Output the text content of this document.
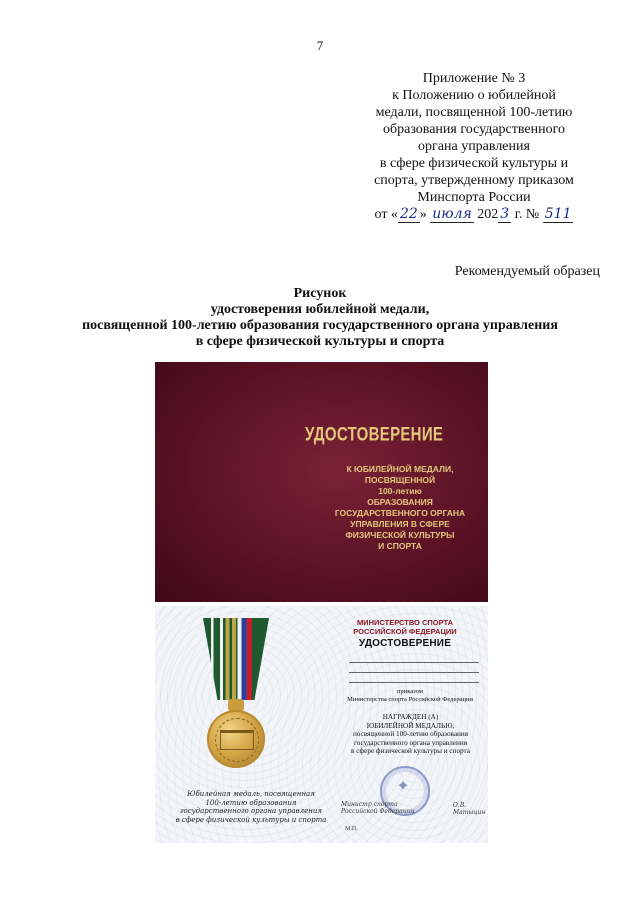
7
Приложение № 3
к Положению о юбилейной
медали, посвященной 100-летию
образования государственного
органа управления
в сфере физической культуры и
спорта, утвержденному приказом
Минспорта России
от « 22 » июля 202 3 г. № 511
Рекомендуемый образец
Рисунок
удостоверения юбилейной медали,
посвященной 100-летию образования государственного органа управления
в сфере физической культуры и спорта
УДОСТОВЕРЕНИЕ
К ЮБИЛЕЙНОЙ МЕДАЛИ,
ПОСВЯЩЕННОЙ
100-летию
ОБРАЗОВАНИЯ
ГОСУДАРСТВЕННОГО ОРГАНА
УПРАВЛЕНИЯ В СФЕРЕ
ФИЗИЧЕСКОЙ КУЛЬТУРЫ
И СПОРТА
Юбилейная медаль, посвященная
100-летию образования
государственного органа управления
в сфере физической культуры и спорта
МИНИСТЕРСТВО СПОРТА
РОССИЙСКОЙ ФЕДЕРАЦИИ
УДОСТОВЕРЕНИЕ
приказом
Министерства спорта Российской Федерации
НАГРАЖДЕН (А)
ЮБИЛЕЙНОЙ МЕДАЛЬЮ,
посвященной 100-летию образования
государственного органа управления
в сфере физической культуры и спорта
✦
Министр спорта
Российской Федерации
О.В. Матыцин
М.П.
